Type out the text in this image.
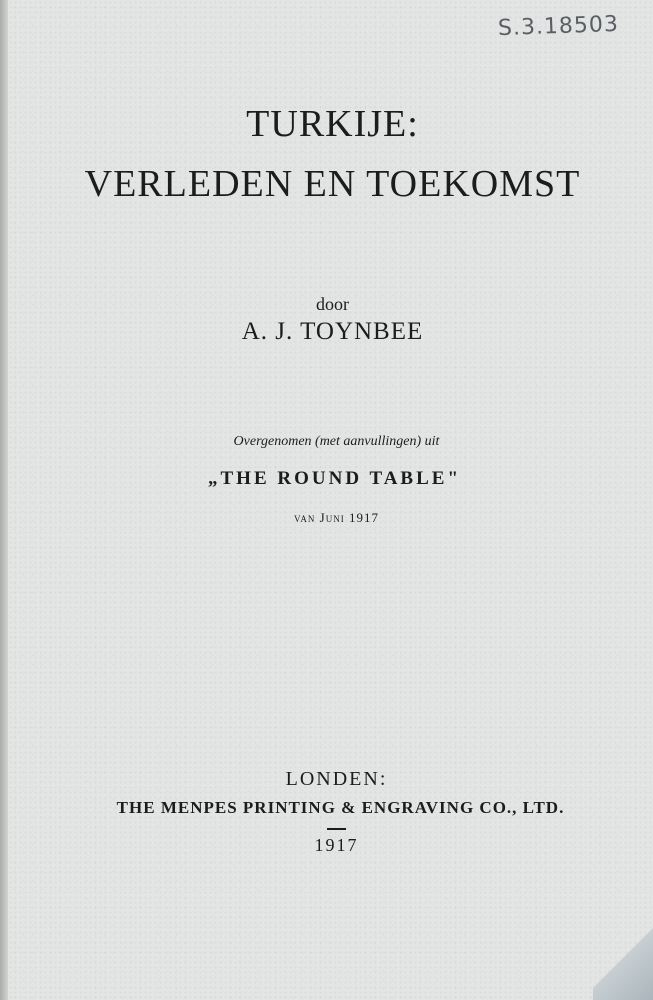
S.3.18503
TURKIJE:
VERLEDEN EN TOEKOMST
door
A. J. TOYNBEE
Overgenomen (met aanvullingen) uit
„THE ROUND TABLE"
van Juni 1917
LONDEN:
THE MENPES PRINTING & ENGRAVING CO., LTD.
1917
